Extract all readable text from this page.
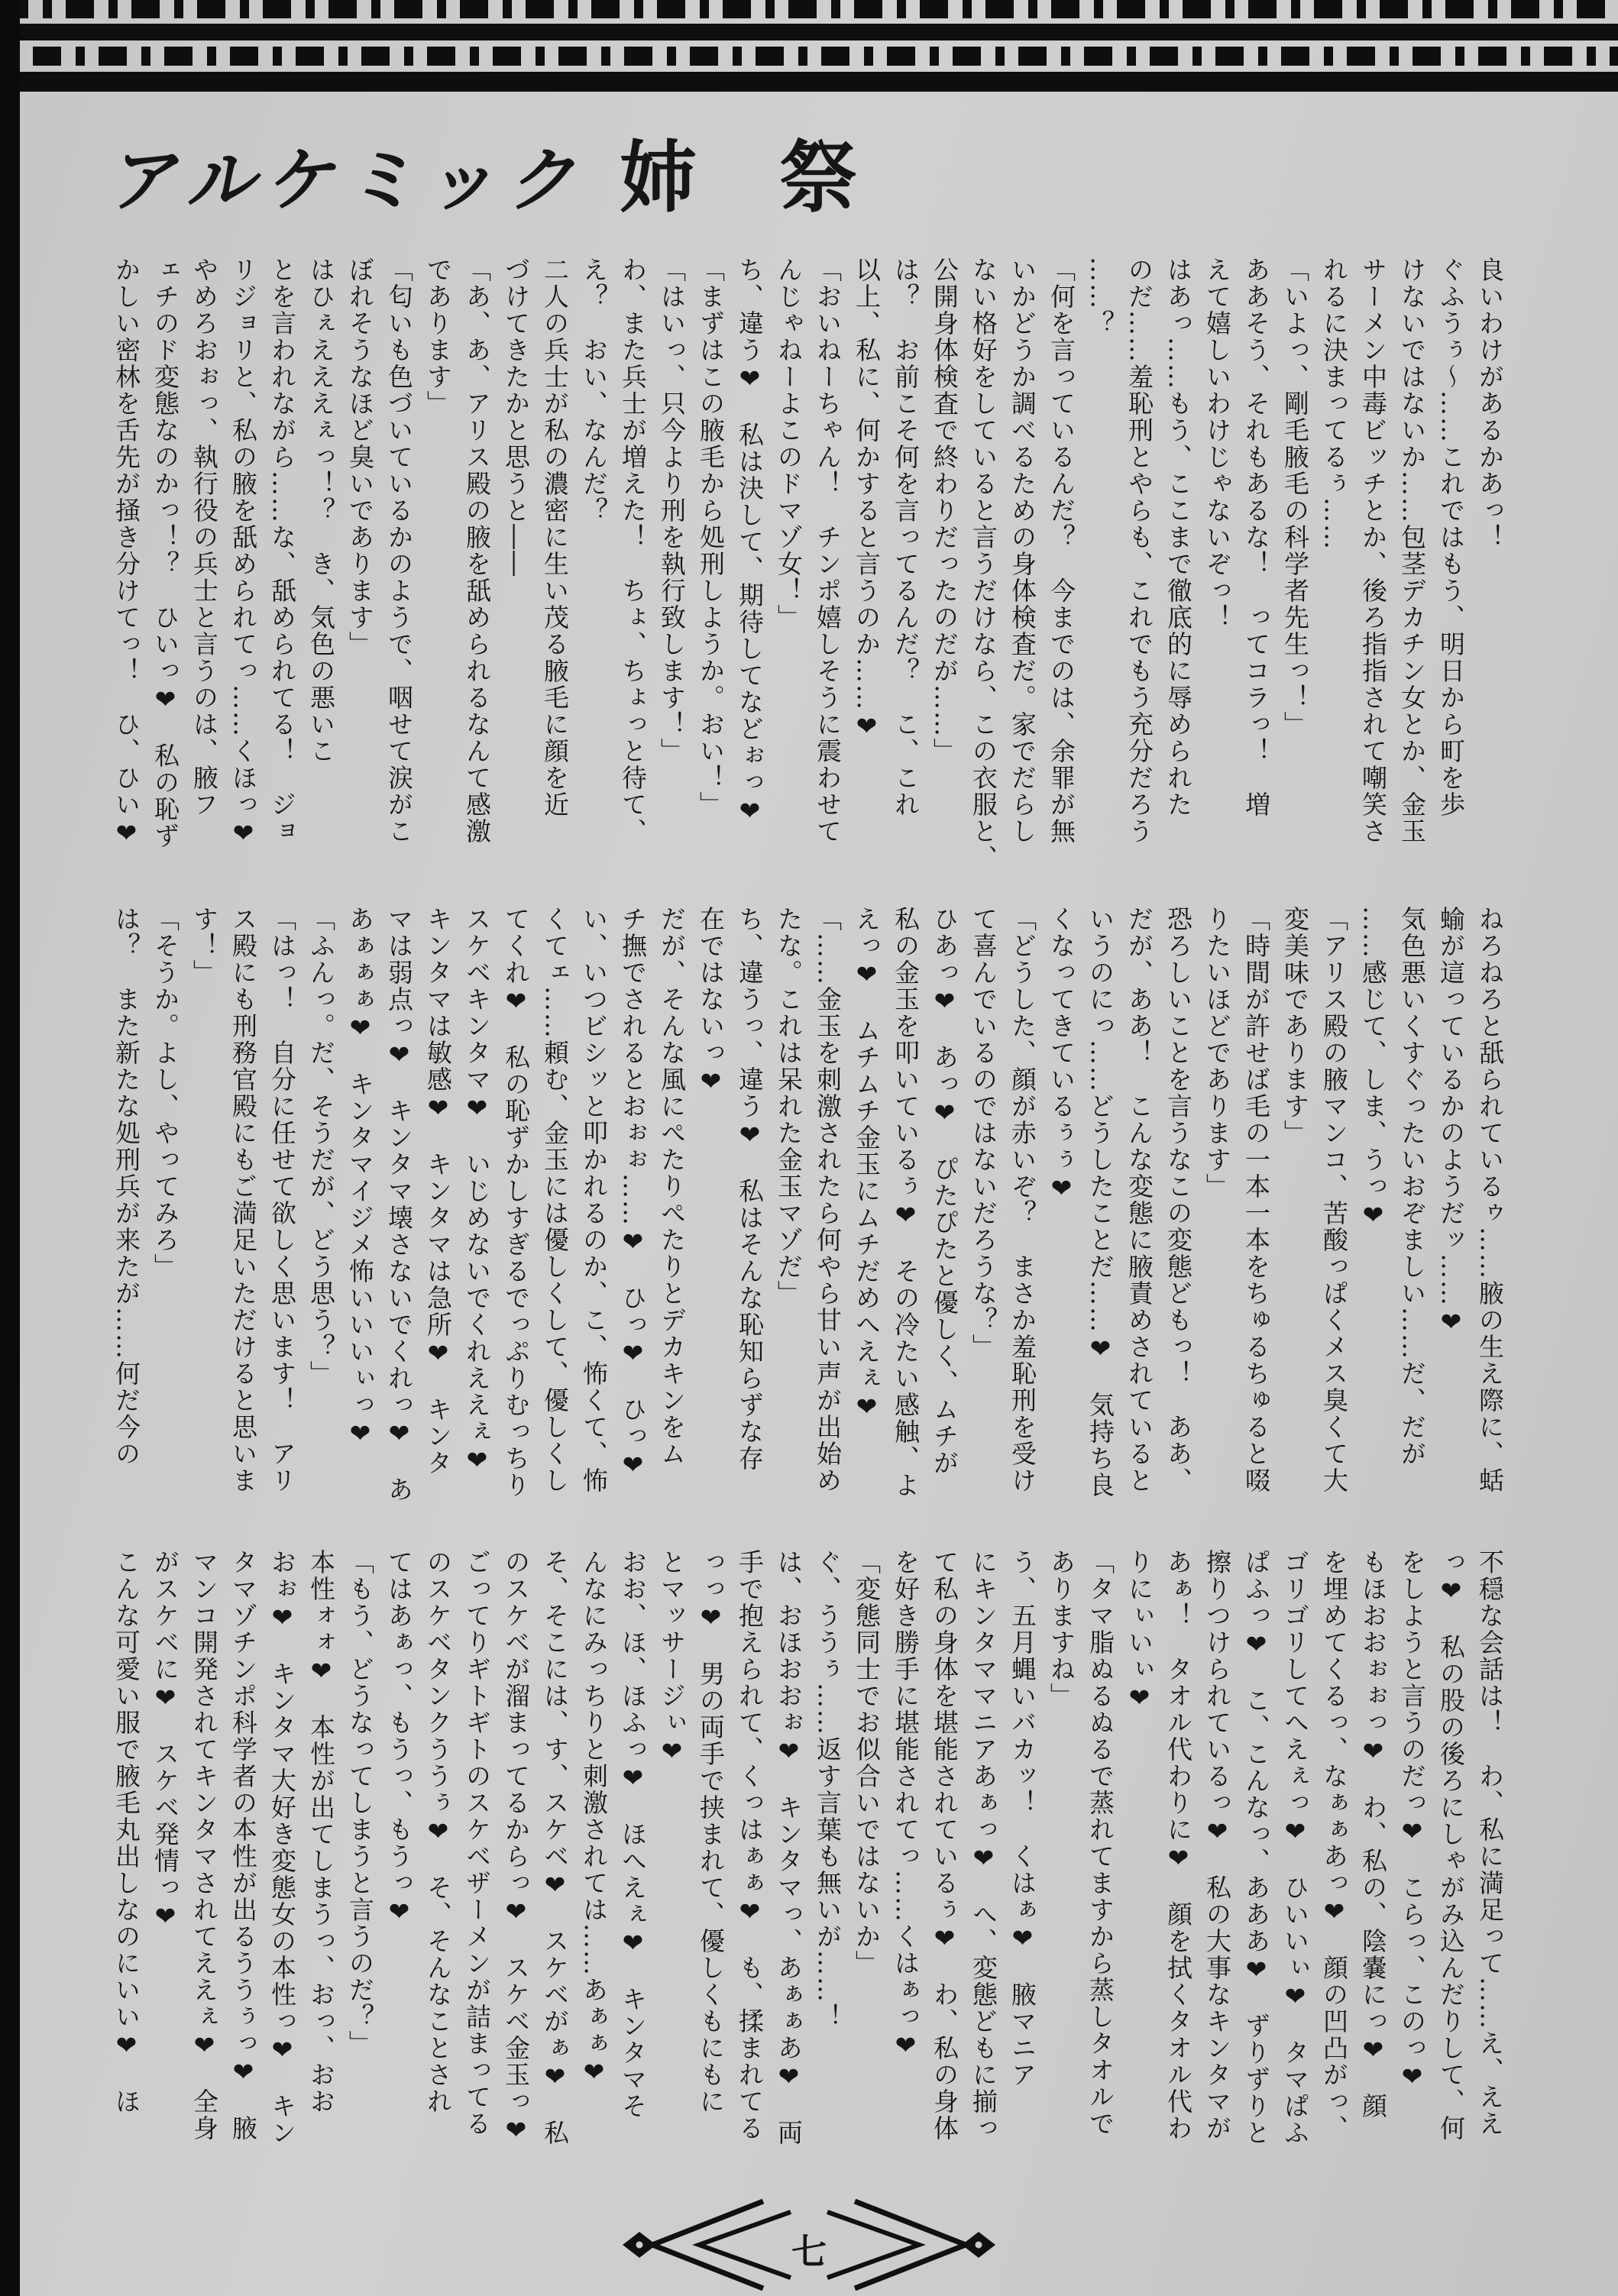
アルケミック 姉 祭
良いわけがあるかあっ！
ぐふうぅ～……これではもう、明日から町を歩
けないではないか……包茎デカチン女とか、金玉
サーメン中毒ビッチとか、後ろ指指されて嘲笑さ
れるに決まってるぅ……
「いよっ、剛毛腋毛の科学者先生っ！」
ああそう、それもあるな！　ってコラっ！　増
えて嬉しいわけじゃないぞっ！
はあっ……もう、ここまで徹底的に辱められた
のだ……羞恥刑とやらも、これでもう充分だろう
……？
「何を言っているんだ？　今までのは、余罪が無
いかどうか調べるための身体検査だ。家でだらし
ない格好をしていると言うだけなら、この衣服と、
公開身体検査で終わりだったのだが……」
は？　お前こそ何を言ってるんだ？　こ、これ
以上、私に、何かすると言うのか……❤
「おいねーちゃん！　チンポ嬉しそうに震わせて
んじゃねーよこのドマゾ女！」
ち、違う❤　私は決して、期待してなどぉっ❤
「まずはこの腋毛から処刑しようか。おい！」
「はいっ、只今より刑を執行致します！」
わ、また兵士が増えた！　ちょ、ちょっと待て、
え？　おい、なんだ？
二人の兵士が私の濃密に生い茂る腋毛に顔を近
づけてきたかと思うと――
「あ、あ、アリス殿の腋を舐められるなんて感激
であります」
「匂いも色づいているかのようで、咽せて涙がこ
ぼれそうなほど臭いであります」
はひぇえええぇっ！？　き、気色の悪いこ
とを言われながら……な、舐められてる！　ジョ
リジョリと、私の腋を舐められてっ……くほっ❤
やめろおぉっ、執行役の兵士と言うのは、腋フ
ェチのド変態なのかっ！？　ひいっ❤　私の恥ず
かしい密林を舌先が掻き分けてっ！　ひ、ひい❤
ねろねろと舐られているゥ……腋の生え際に、蛞
蝓が這っているかのようだッ……❤
気色悪いくすぐったいおぞましい……だ、だが
……感じて、しま、うっ❤
「アリス殿の腋マンコ、苦酸っぱくメス臭くて大
変美味であります」
「時間が許せば毛の一本一本をちゅるちゅると啜
りたいほどであります」
恐ろしいことを言うなこの変態どもっ！　ああ、
だが、ああ！　こんな変態に腋責めされていると
いうのにっ……どうしたことだ……❤　気持ち良
くなってきているぅぅ❤
「どうした、顔が赤いぞ？　まさか羞恥刑を受け
て喜んでいるのではないだろうな？」
ひあっ❤　あっ❤　ぴたぴたと優しく、ムチが
私の金玉を叩いているぅ❤　その冷たい感触、よ
えっ❤　ムチムチ金玉にムチだめへえぇ❤
「……金玉を刺激されたら何やら甘い声が出始め
たな。これは呆れた金玉マゾだ」
ち、違うっ、違う❤　私はそんな恥知らずな存
在ではないっ❤
だが、そんな風にぺたりぺたりとデカキンをム
チ撫でされるとおぉぉ……❤　ひっ❤　ひっ❤
い、いつビシッと叩かれるのか、こ、怖くて、怖
くてェ……頼む、金玉には優しくして、優しくし
てくれ❤　私の恥ずかしすぎるでっぷりむっちり
スケベキンタマ❤　いじめないでくれええぇ❤
キンタマは敏感❤　キンタマは急所❤　キンタ
マは弱点っ❤　キンタマ壊さないでくれっ❤　あ
あぁぁぁ❤　キンタマイジメ怖いいいぃっ❤
「ふんっ。だ、そうだが、どう思う？」
「はっ！　自分に任せて欲しく思います！　アリ
ス殿にも刑務官殿にもご満足いただけると思いま
す！」
「そうか。よし、やってみろ」
は？　また新たな処刑兵が来たが……何だ今の
不穏な会話は！　わ、私に満足って……え、ええ
っ❤　私の股の後ろにしゃがみ込んだりして、何
をしようと言うのだっ❤　こらっ、このっ❤
もほおおぉぉっ❤　わ、私の、陰嚢にっ❤　顔
を埋めてくるっ、なぁぁあっ❤　顔の凹凸がっ、
ゴリゴリしてへえぇっ❤　ひいいぃ❤　タマぱふ
ぱふっ❤　こ、こんなっ、あああ❤　ずりずりと
擦りつけられているっ❤　私の大事なキンタマが
あぁ！　タオル代わりに❤　顔を拭くタオル代わ
りにぃいぃ❤
「タマ脂ぬるぬるで蒸れてますから蒸しタオルで
ありますね」
う、五月蝿いバカッ！　くはぁ❤　腋マニア
にキンタママニアあぁっ❤　へ、変態どもに揃っ
て私の身体を堪能されているぅ❤　わ、私の身体
を好き勝手に堪能されてっ……くはぁっ❤
「変態同士でお似合いではないか」
ぐ、ううぅ……返す言葉も無いが……！
は、おほおおぉ❤　キンタマっ、あぁぁあ❤　両
手で抱えられて、くっはぁぁ❤　も、揉まれてる
っっ❤　男の両手で挟まれて、優しくもにもに
とマッサージぃ❤
おお、ほ、ほふっ❤　ほへえぇ❤　キンタマそ
んなにみっちりと刺激されては……あぁぁ❤
そ、そこには、す、スケベ❤　スケベがぁ❤　私
のスケベが溜まってるからっ❤　スケベ金玉っ❤
ごってりギトギトのスケベザーメンが詰まってる
のスケベタンクううぅ❤　そ、そんなことされ
てはあぁっ、もうっ、もうっ❤
「もう、どうなってしまうと言うのだ？」
本性ォォ❤　本性が出てしまうっ、おっ、おお
おぉ❤　キンタマ大好き変態女の本性っ❤　キン
タマゾチンポ科学者の本性が出るううぅっ❤　腋
マンコ開発されてキンタマされてええぇ❤　全身
がスケベに❤　スケベ発情っ❤
こんな可愛い服で腋毛丸出しなのにいい❤　ほ
七
